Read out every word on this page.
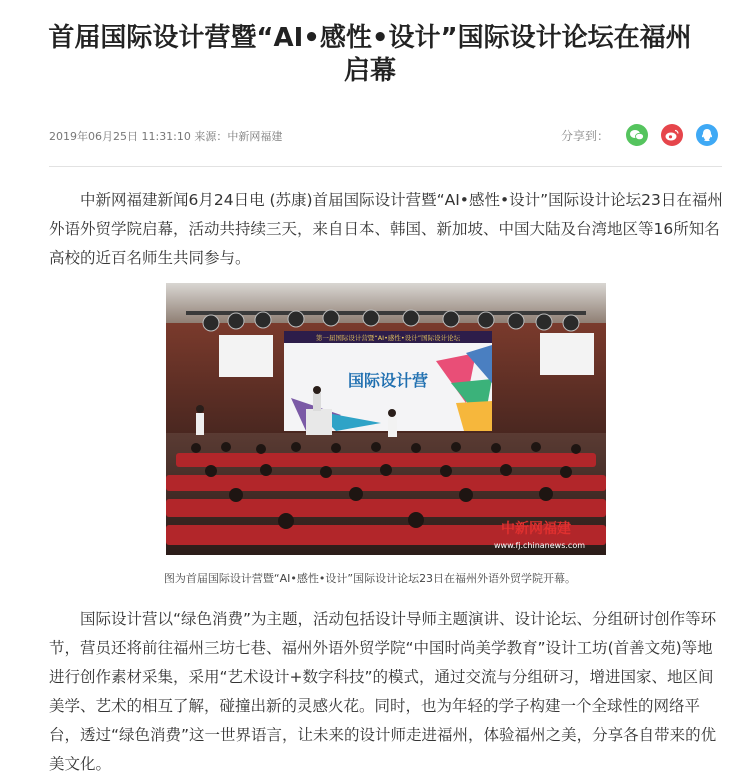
首届国际设计营暨“AI•感性•设计”国际设计论坛在福州启幕
2019年06月25日 11:31:10 来源：中新网福建	分享到：

中新网福建新闻6月24日电 (苏康)首届国际设计营暨“AI•感性•设计”国际设计论坛23日在福州外语外贸学院启幕，活动共持续三天，来自日本、韩国、新加坡、中国大陆及台湾地区等16所知名高校的近百名师生共同参与。

第一届国际设计营暨“AI•感性•设计”国际设计论坛
国际设计营
中新网福建
www.fj.chinanews.com
图为首届国际设计营暨“AI•感性•设计”国际设计论坛23日在福州外语外贸学院开幕。

国际设计营以“绿色消费”为主题，活动包括设计导师主题演讲、设计论坛、分组研讨创作等环节，营员还将前往福州三坊七巷、福州外语外贸学院“中国时尚美学教育”设计工坊(首善文苑)等地进行创作素材采集，采用“艺术设计+数字科技”的模式，通过交流与分组研习，增进国家、地区间美学、艺术的相互了解，碰撞出新的灵感火花。同时，也为年轻的学子构建一个全球性的网络平台，透过“绿色消费”这一世界语言，让未来的设计师走进福州，体验福州之美，分享各自带来的优美文化。
